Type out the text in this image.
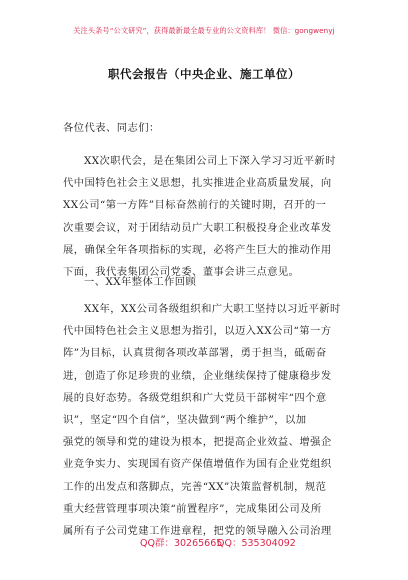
关注头条号“公文研究”，获得最新最全最专业的公文资料库！ 微信：gongwenyj
职代会报告（中央企业、施工单位）
各位代表、同志们：
XX次职代会，是在集团公司上下深入学习习近平新时
代中国特色社会主义思想，扎实推进企业高质量发展，向
XX公司“第一方阵”目标奋然前行的关键时期，召开的一
次重要会议，对于团结动员广大职工积极投身企业改革发
展，确保全年各项指标的实现，必将产生巨大的推动作用
下面，我代表集团公司党委、董事会讲三点意见。
一、XX年整体工作回顾
XX年，XX公司各级组织和广大职工坚持以习近平新时
代中国特色社会主义思想为指引，以迈入XX公司“第一方
阵”为目标，认真贯彻各项改革部署，勇于担当，砥砺奋
进，创造了你足珍贵的业绩，企业继续保持了健康稳步发
展的良好态势。各级党组织和广大党员干部树牢“四个意
识”，坚定“四个自信”，坚决做到“两个维护”，以加
强党的领导和党的建设为根本，把提高企业效益、增强企
业竞争实力、实现国有资产保值增值作为国有企业党组织
工作的出发点和落脚点，完善“XX”决策监督机制，规范
重大经营管理事项决策“前置程序”，完成集团公司及所
属所有子公司党建工作进章程，把党的领导融入公司治理
QQ群：30265665
QQ：535304092
